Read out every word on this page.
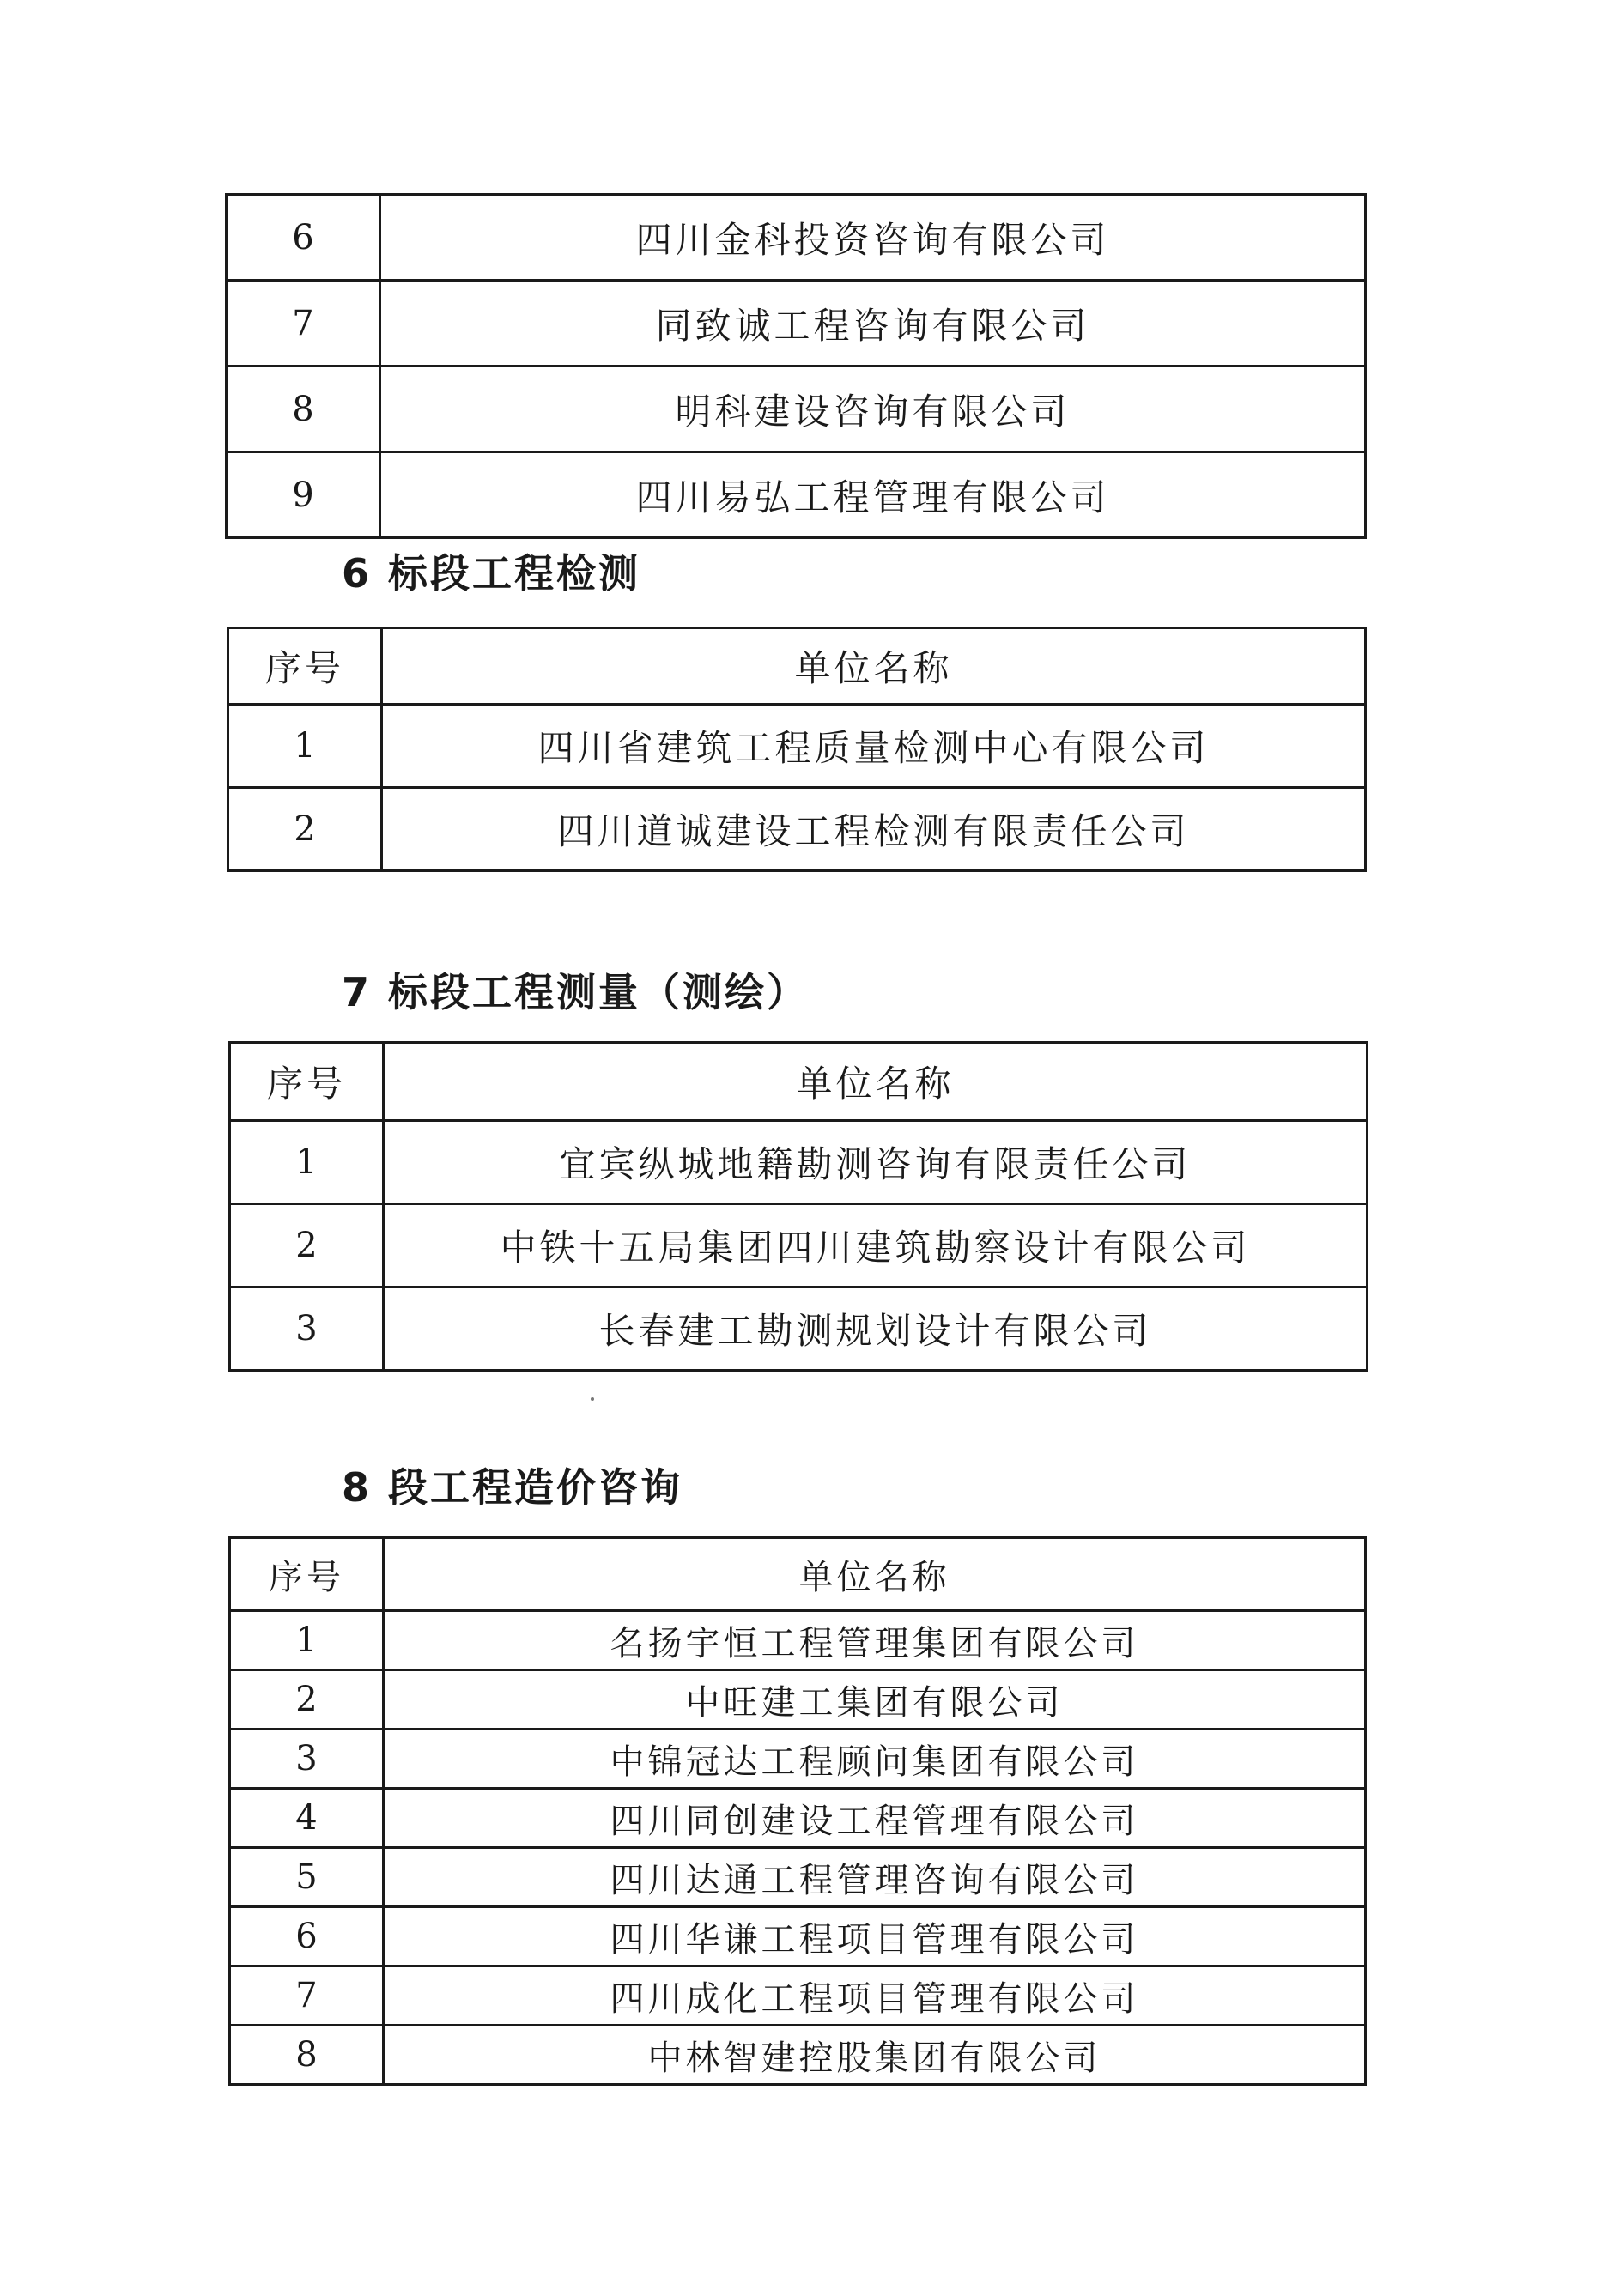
6	四川金科投资咨询有限公司
7	同致诚工程咨询有限公司
8	明科建设咨询有限公司
9	四川易弘工程管理有限公司
6 标段工程检测
序号	单位名称
1	四川省建筑工程质量检测中心有限公司
2	四川道诚建设工程检测有限责任公司
7 标段工程测量（测绘）
序号	单位名称
1	宜宾纵城地籍勘测咨询有限责任公司
2	中铁十五局集团四川建筑勘察设计有限公司
3	长春建工勘测规划设计有限公司
8 段工程造价咨询
序号	单位名称
1	名扬宇恒工程管理集团有限公司
2	中旺建工集团有限公司
3	中锦冠达工程顾问集团有限公司
4	四川同创建设工程管理有限公司
5	四川达通工程管理咨询有限公司
6	四川华谦工程项目管理有限公司
7	四川成化工程项目管理有限公司
8	中林智建控股集团有限公司
